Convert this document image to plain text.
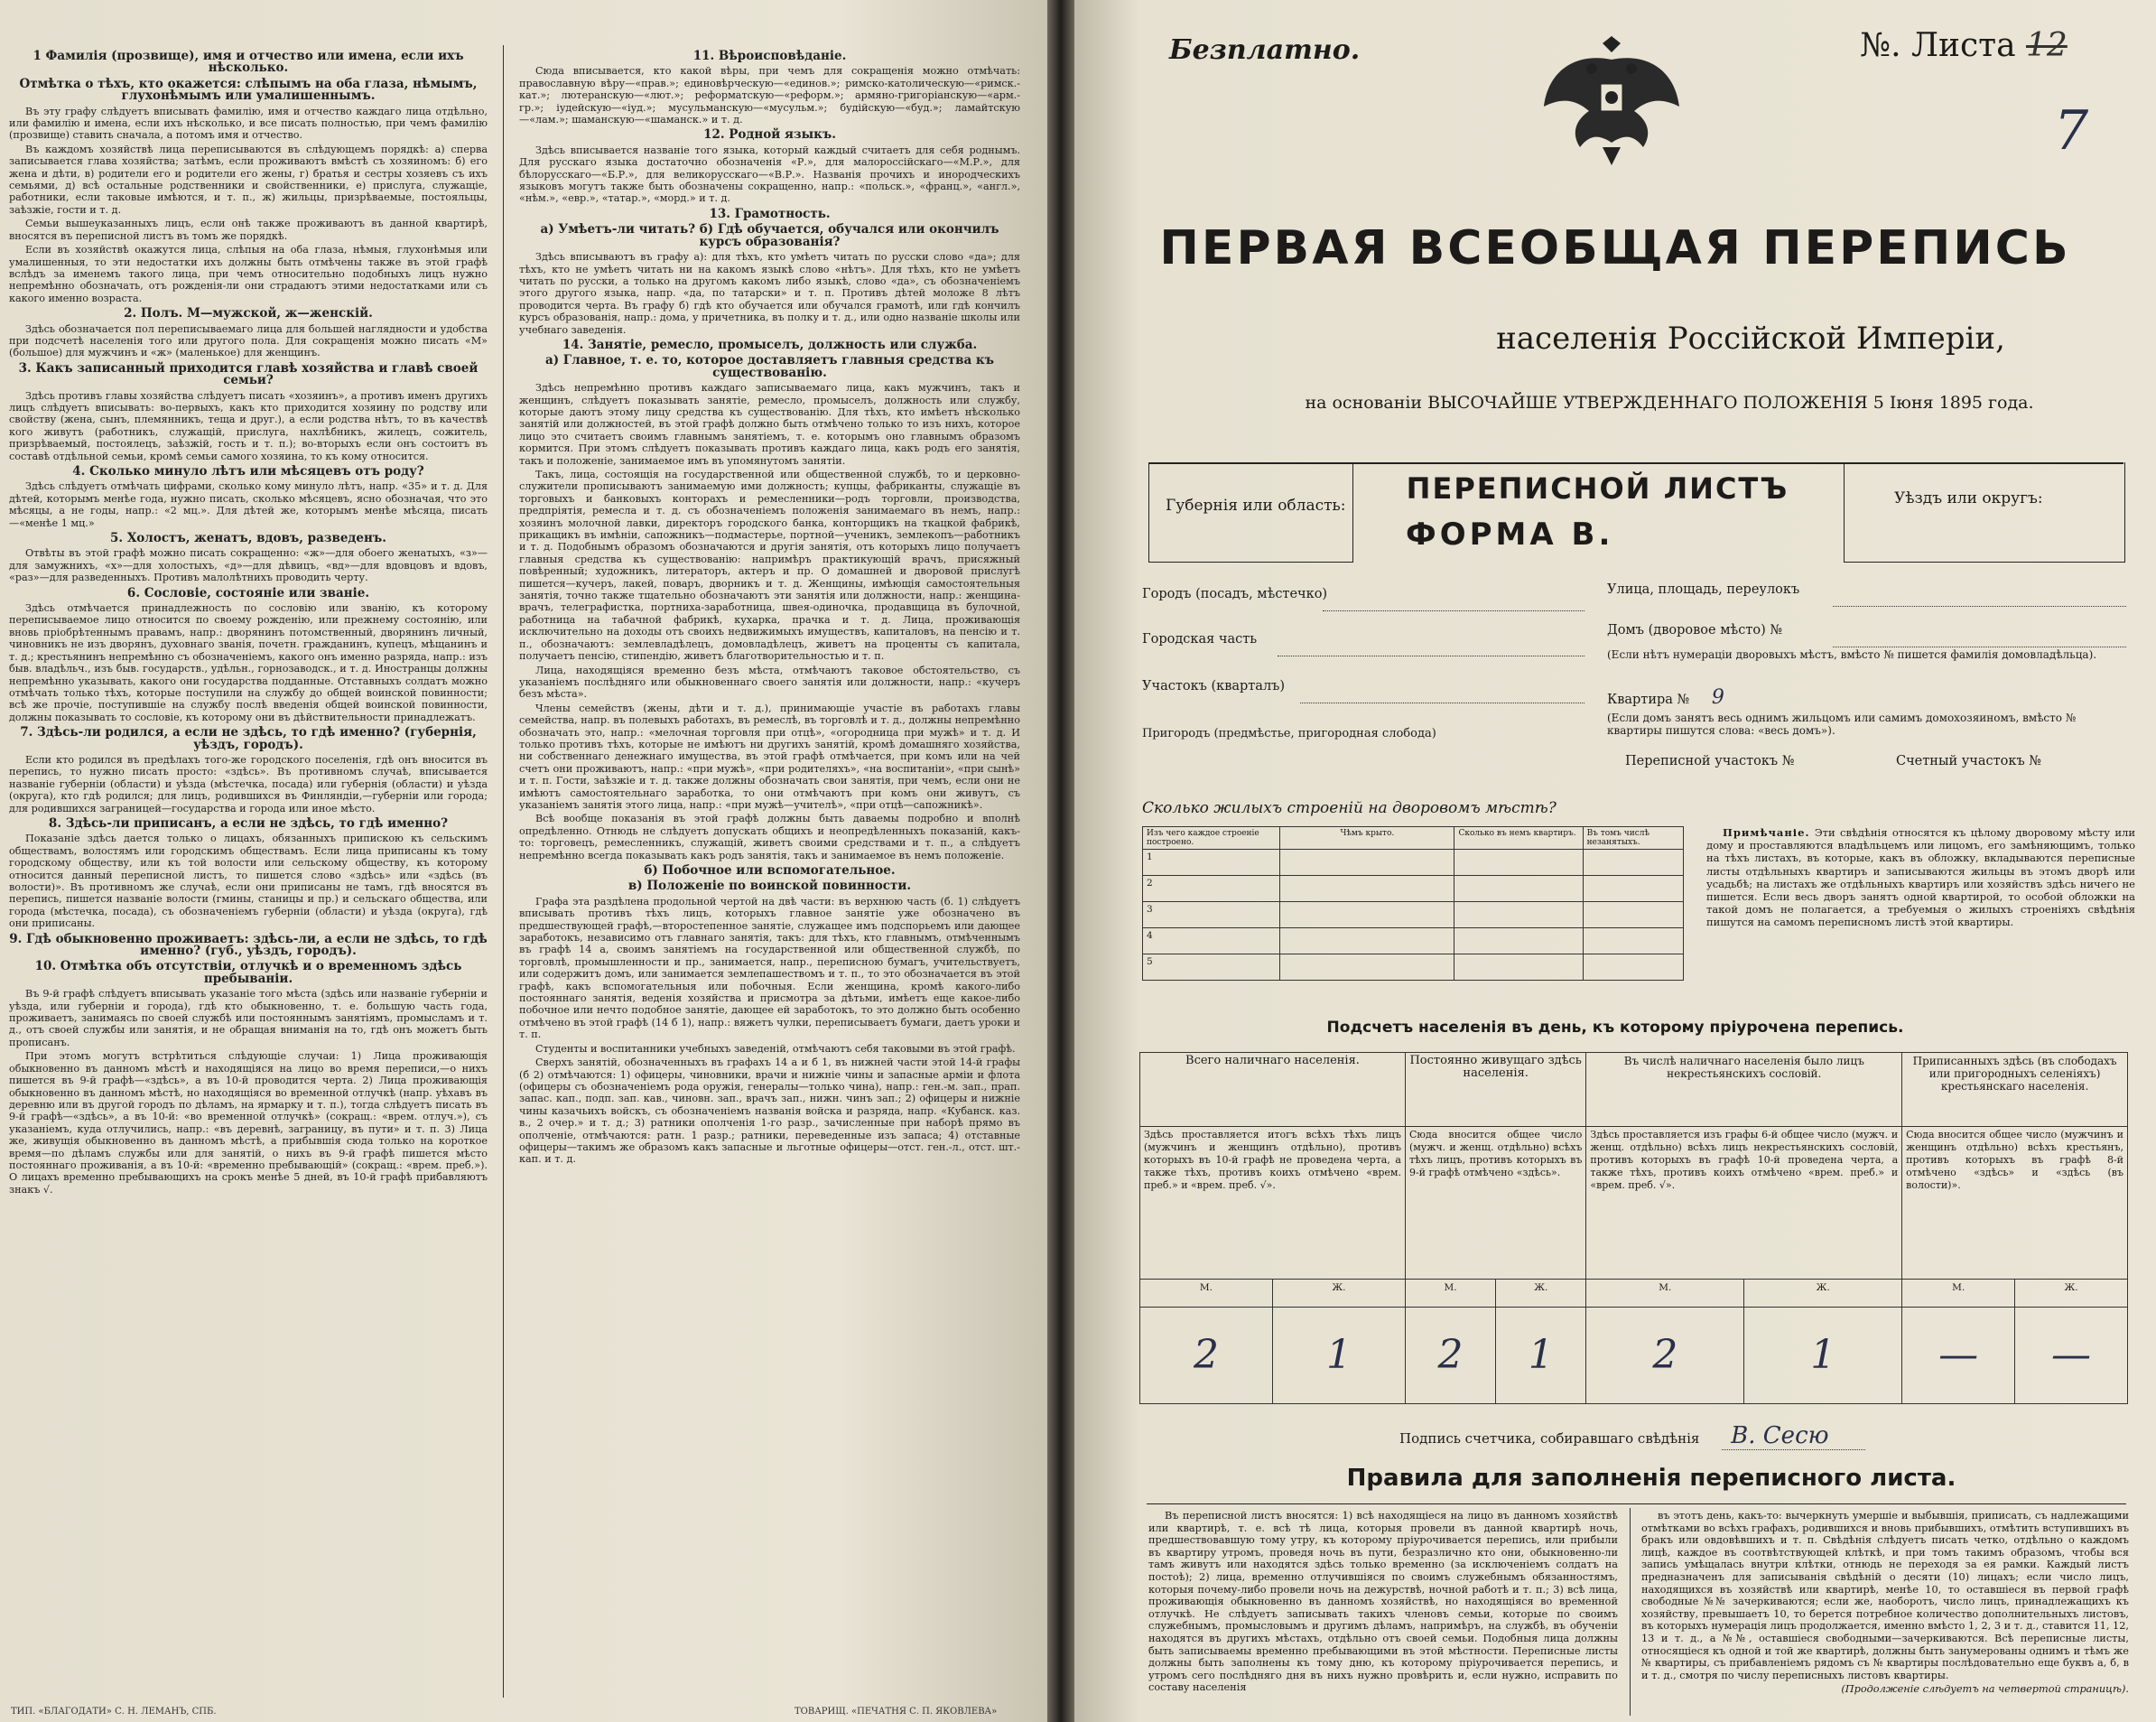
1 Фамилія (прозвище), имя и отчество или имена, если ихъ нѣсколько.
Отмѣтка о тѣхъ, кто окажется: слѣпымъ на оба глаза, нѣмымъ, глухонѣмымъ или умалишеннымъ.

Въ эту графу слѣдуетъ вписывать фамилію, имя и отчество каждаго лица отдѣльно, или фамилію и имена, если ихъ нѣсколько, и все писать полностью, при чемъ фамилію (прозвище) ставить сначала, а потомъ имя и отчество.

Въ каждомъ хозяйствѣ лица переписываются въ слѣдующемъ порядкѣ: а) сперва записывается глава хозяйства; затѣмъ, если проживаютъ вмѣстѣ съ хозяиномъ: б) его жена и дѣти, в) родители его и родители его жены, г) братья и сестры хозяевъ съ ихъ семьями, д) всѣ остальные родственники и свойственники, е) прислуга, служащіе, работники, если таковые имѣются, и т. п., ж) жильцы, призрѣваемые, постояльцы, заѣзжіе, гости и т. д.

Семьи вышеуказанныхъ лицъ, если онѣ также проживаютъ въ данной квартирѣ, вносятся въ переписной листъ въ томъ же порядкѣ.

Если въ хозяйствѣ окажутся лица, слѣпыя на оба глаза, нѣмыя, глухонѣмыя или умалишенныя, то эти недостатки ихъ должны быть отмѣчены также въ этой графѣ вслѣдъ за именемъ такого лица, при чемъ относительно подобныхъ лицъ нужно непремѣнно обозначать, отъ рожденія-ли они страдаютъ этими недостатками или съ какого именно возраста.

2. Полъ. М—мужской, ж—женскій.

Здѣсь обозначается пол переписываемаго лица для большей наглядности и удобства при подсчетѣ населенія того или другого пола. Для сокращенія можно писать «М» (большое) для мужчинъ и «ж» (маленькое) для женщинъ.

3. Какъ записанный приходится главѣ хозяйства и главѣ своей семьи?

Здѣсь противъ главы хозяйства слѣдуетъ писать «хозяинъ», а противъ именъ другихъ лицъ слѣдуетъ вписывать: во-первыхъ, какъ кто приходится хозяину по родству или свойству (жена, сынъ, племянникъ, теща и друг.), а если родства нѣтъ, то въ качествѣ кого живутъ (работникъ, служащій, прислуга, нахлѣбникъ, жилецъ, сожитель, призрѣваемый, постоялецъ, заѣзжій, гость и т. п.); во-вторыхъ если онъ состоитъ въ составѣ отдѣльной семьи, кромѣ семьи самого хозяина, то къ кому относится.

4. Сколько минуло лѣтъ или мѣсяцевъ отъ роду?

Здѣсь слѣдуетъ отмѣчать цифрами, сколько кому минуло лѣтъ, напр. «35» и т. д. Для дѣтей, которымъ менѣе года, нужно писать, сколько мѣсяцевъ, ясно обозначая, что это мѣсяцы, а не годы, напр.: «2 мц.». Для дѣтей же, которымъ менѣе мѣсяца, писать—«менѣе 1 мц.»

5. Холостъ, женатъ, вдовъ, разведенъ.

Отвѣты въ этой графѣ можно писать сокращенно: «ж»—для обоего женатыхъ, «з»—для замужнихъ, «х»—для холостыхъ, «д»—для дѣвицъ, «вд»—для вдовцовъ и вдовъ, «раз»—для разведенныхъ. Противъ малолѣтнихъ проводить черту.

6. Сословіе, состояніе или званіе.

Здѣсь отмѣчается принадлежность по сословію или званію, къ которому переписываемое лицо относится по своему рожденію, или прежнему состоянію, или вновь пріобрѣтеннымъ правамъ, напр.: дворянинъ потомственный, дворянинъ личный, чиновникъ не изъ дворянъ, духовнаго званія, почетн. гражданинъ, купецъ, мѣщанинъ и т. д.; крестьянинъ непремѣнно съ обозначеніемъ, какого онъ именно разряда, напр.: изъ быв. владѣльч., изъ быв. государств., удѣльн., горнозаводск., и т. д. Иностранцы должны непремѣнно указывать, какого они государства подданные. Отставныхъ солдатъ можно отмѣчать только тѣхъ, которые поступили на службу до общей воинской повинности; всѣ же прочіе, поступившіе на службу послѣ введенія общей воинской повинности, должны показывать то сословіе, къ которому они въ дѣйствительности принадлежатъ.

7. Здѣсь-ли родился, а если не здѣсь, то гдѣ именно? (губернія, уѣздъ, городъ).

Если кто родился въ предѣлахъ того-же городского поселенія, гдѣ онъ вносится въ перепись, то нужно писать просто: «здѣсь». Въ противномъ случаѣ, вписывается названіе губерніи (области) и уѣзда (мѣстечка, посада) или губернія (области) и уѣзда (округа), кто гдѣ родился; для лицъ, родившихся въ Финляндіи,—губерніи или города; для родившихся заграницей—государства и города или иное мѣсто.

8. Здѣсь-ли приписанъ, а если не здѣсь, то гдѣ именно?

Показаніе здѣсь дается только о лицахъ, обязанныхъ припискою къ сельскимъ обществамъ, волостямъ или городскимъ обществамъ. Если лица приписаны къ тому городскому обществу, или къ той волости или сельскому обществу, къ которому относится данный переписной листъ, то пишется слово «здѣсь» или «здѣсь (въ волости)». Въ противномъ же случаѣ, если они приписаны не тамъ, гдѣ вносятся въ перепись, пишется названіе волости (гмины, станицы и пр.) и сельскаго общества, или города (мѣстечка, посада), съ обозначеніемъ губерніи (области) и уѣзда (округа), гдѣ они приписаны.

9. Гдѣ обыкновенно проживаетъ: здѣсь-ли, а если не здѣсь, то гдѣ именно? (губ., уѣздъ, городъ).
10. Отмѣтка объ отсутствіи, отлучкѣ и о временномъ здѣсь пребываніи.

Въ 9-й графѣ слѣдуетъ вписывать указаніе того мѣста (здѣсь или названіе губерніи и уѣзда, или губерніи и города), гдѣ кто обыкновенно, т. е. большую часть года, проживаетъ, занимаясь по своей службѣ или постояннымъ занятіямъ, промысламъ и т. д., отъ своей службы или занятія, и не обращая вниманія на то, гдѣ онъ можетъ быть прописанъ.

При этомъ могутъ встрѣтиться слѣдующіе случаи: 1) Лица проживающія обыкновенно въ данномъ мѣстѣ и находящіяся на лицо во время переписи,—о нихъ пишется въ 9-й графѣ—«здѣсь», а въ 10-й проводится черта. 2) Лица проживающія обыкновенно въ данномъ мѣстѣ, но находящіяся во временной отлучкѣ (напр. уѣхавъ въ деревню или въ другой городъ по дѣламъ, на ярмарку и т. п.), тогда слѣдуетъ писать въ 9-й графѣ—«здѣсь», а въ 10-й: «во временной отлучкѣ» (сокращ.: «врем. отлуч.»), съ указаніемъ, куда отлучились, напр.: «въ деревнѣ, заграницу, въ пути» и т. п. 3) Лица же, живущія обыкновенно въ данномъ мѣстѣ, а прибывшія сюда только на короткое время—по дѣламъ службы или для занятій, о нихъ въ 9-й графѣ пишется мѣсто постояннаго проживанія, а въ 10-й: «временно пребывающій» (сокращ.: «врем. преб.»). О лицахъ временно пребывающихъ на срокъ менѣе 5 дней, въ 10-й графѣ прибавляютъ знакъ √.

11. Вѣроисповѣданіе.

Сюда вписывается, кто какой вѣры, при чемъ для сокращенія можно отмѣчать: православную вѣру—«прав.»; единовѣрческую—«единов.»; римско-католическую—«римск.-кат.»; лютеранскую—«лют.»; реформатскую—«реформ.»; армяно-григоріанскую—«арм.-гр.»; іудейскую—«іуд.»; мусульманскую—«мусульм.»; будійскую—«буд.»; ламайтскую—«лам.»; шаманскую—«шаманск.» и т. д.

12. Родной языкъ.

Здѣсь вписывается названіе того языка, который каждый считаетъ для себя роднымъ. Для русскаго языка достаточно обозначенія «Р.», для малороссійскаго—«М.Р.», для бѣлорусскаго—«Б.Р.», для великорусскаго—«В.Р.». Названія прочихъ и инородческихъ языковъ могутъ также быть обозначены сокращенно, напр.: «польск.», «франц.», «англ.», «нѣм.», «евр.», «татар.», «морд.» и т. д.

13. Грамотность.
а) Умѣетъ-ли читать? б) Гдѣ обучается, обучался или окончилъ курсъ образованія?

Здѣсь вписываютъ въ графу а): для тѣхъ, кто умѣетъ читать по русски слово «да»; для тѣхъ, кто не умѣетъ читать ни на какомъ языкѣ слово «нѣтъ». Для тѣхъ, кто не умѣетъ читать по русски, а только на другомъ какомъ либо языкѣ, слово «да», съ обозначеніемъ этого другого языка, напр. «да, по татарски» и т. п. Противъ дѣтей моложе 8 лѣтъ проводится черта. Въ графу б) гдѣ кто обучается или обучался грамотѣ, или гдѣ кончилъ курсъ образованія, напр.: дома, у причетника, въ полку и т. д., или одно названіе школы или учебнаго заведенія.

14. Занятіе, ремесло, промыселъ, должность или служба.
а) Главное, т. е. то, которое доставляетъ главныя средства къ существованію.

Здѣсь непремѣнно противъ каждаго записываемаго лица, какъ мужчинъ, такъ и женщинъ, слѣдуетъ показывать занятіе, ремесло, промыселъ, должность или службу, которые даютъ этому лицу средства къ существованію. Для тѣхъ, кто имѣетъ нѣсколько занятій или должностей, въ этой графѣ должно быть отмѣчено только то изъ нихъ, которое лицо это считаетъ своимъ главнымъ занятіемъ, т. е. которымъ оно главнымъ образомъ кормится. При этомъ слѣдуетъ показывать противъ каждаго лица, какъ родъ его занятія, такъ и положеніе, занимаемое имъ въ упомянутомъ занятіи.

Такъ, лица, состоящія на государственной или общественной службѣ, то и церковно-служители прописываютъ занимаемую ими должность; купцы, фабриканты, служащіе въ торговыхъ и банковыхъ конторахъ и ремесленники—родъ торговли, производства, предпріятія, ремесла и т. д. съ обозначеніемъ положенія занимаемаго въ немъ, напр.: хозяинъ молочной лавки, директоръ городского банка, конторщикъ на ткацкой фабрикѣ, прикащикъ въ имѣніи, сапожникъ—подмастерье, портной—ученикъ, землекопъ—работникъ и т. д. Подобнымъ образомъ обозначаются и другія занятія, отъ которыхъ лицо получаетъ главныя средства къ существованію: напримѣръ практикующій врачъ, присяжный повѣренный; художникъ, литераторъ, актеръ и пр. О домашней и дворовой прислугѣ пишется—кучеръ, лакей, поваръ, дворникъ и т. д. Женщины, имѣющія самостоятельныя занятія, точно также тщательно обозначаютъ эти занятія или должности, напр.: женщина-врачъ, телеграфистка, портниха-заработница, швея-одиночка, продавщица въ булочной, работница на табачной фабрикѣ, кухарка, прачка и т. д. Лица, проживающія исключительно на доходы отъ своихъ недвижимыхъ имуществъ, капиталовъ, на пенсію и т. п., обозначаютъ: землевладѣлецъ, домовладѣлецъ, живетъ на проценты съ капитала, получаетъ пенсію, стипендію, живетъ благотворительностью и т. п.

Лица, находящіяся временно безъ мѣста, отмѣчаютъ таковое обстоятельство, съ указаніемъ послѣдняго или обыкновеннаго своего занятія или должности, напр.: «кучеръ безъ мѣста».

Члены семействъ (жены, дѣти и т. д.), принимающіе участіе въ работахъ главы семейства, напр. въ полевыхъ работахъ, въ ремеслѣ, въ торговлѣ и т. д., должны непремѣнно обозначать это, напр.: «мелочная торговля при отцѣ», «огородница при мужѣ» и т. д. И только противъ тѣхъ, которые не имѣютъ ни другихъ занятій, кромѣ домашняго хозяйства, ни собственнаго денежнаго имущества, въ этой графѣ отмѣчается, при комъ или на чей счетъ они проживаютъ, напр.: «при мужѣ», «при родителяхъ», «на воспитаніи», «при сынѣ» и т. п. Гости, заѣзжіе и т. д. также должны обозначать свои занятія, при чемъ, если они не имѣютъ самостоятельнаго заработка, то они отмѣчаютъ при комъ они живутъ, съ указаніемъ занятія этого лица, напр.: «при мужѣ—учителѣ», «при отцѣ—сапожникѣ».

Всѣ вообще показанія въ этой графѣ должны быть даваемы подробно и вполнѣ опредѣленно. Отнюдь не слѣдуетъ допускать общихъ и неопредѣленныхъ показаній, какъ-то: торговецъ, ремесленникъ, служащій, живетъ своими средствами и т. п., а слѣдуетъ непремѣнно всегда показывать какъ родъ занятія, такъ и занимаемое въ немъ положеніе.

б) Побочное или вспомогательное.
в) Положеніе по воинской повинности.

Графа эта раздѣлена продольной чертой на двѣ части: въ верхнюю часть (б. 1) слѣдуетъ вписывать противъ тѣхъ лицъ, которыхъ главное занятіе уже обозначено въ предшествующей графѣ,—второстепенное занятіе, служащее имъ подспорьемъ или дающее заработокъ, независимо отъ главнаго занятія, такъ: для тѣхъ, кто главнымъ, отмѣченнымъ въ графѣ 14 а, своимъ занятіемъ на государственной или общественной службѣ, по торговлѣ, промышленности и пр., занимается, напр., переписною бумагъ, учительствуетъ, или содержитъ домъ, или занимается землепашествомъ и т. п., то это обозначается въ этой графѣ, какъ вспомогательныя или побочныя. Если женщина, кромѣ какого-либо постояннаго занятія, веденія хозяйства и присмотра за дѣтьми, имѣетъ еще какое-либо побочное или нечто подобное занятіе, дающее ей заработокъ, то это должно быть особенно отмѣчено въ этой графѣ (14 б 1), напр.: вяжетъ чулки, переписываетъ бумаги, даетъ уроки и т. п.

Студенты и воспитанники учебныхъ заведеній, отмѣчаютъ себя таковыми въ этой графѣ.

Сверхъ занятій, обозначенныхъ въ графахъ 14 а и б 1, въ нижней части этой 14-й графы (б 2) отмѣчаются: 1) офицеры, чиновники, врачи и нижніе чины и запасные армiи и флота (офицеры съ обозначеніемъ рода оружія, генералы—только чина), напр.: ген.-м. зап., прап. запас. кап., подп. зап. кав., чиновн. зап., врачъ зап., нижн. чинъ зап.; 2) офицеры и нижніе чины казачьихъ войскъ, съ обозначеніемъ названія войска и разряда, напр. «Кубанск. каз. в., 2 очер.» и т. д.; 3) ратники ополченія 1-го разр., зачисленные при наборѣ прямо въ ополченіе, отмѣчаются: ратн. 1 разр.; ратники, переведенные изъ запаса; 4) отставные офицеры—такимъ же образомъ какъ запасные и льготные офицеры—отст. ген.-л., отст. шт.-кап. и т. д.

ТИП. «БЛАГОДАТИ» С. Н. ЛЕМАНЪ, СПБ.	ТОВАРИЩ. «ПЕЧАТНЯ С. П. ЯКОВЛЕВА»
Безплатно.	№. Листа 12
7
ПЕРВАЯ ВСЕОБЩАЯ ПЕРЕПИСЬ
населенія Россійской Имперіи,
на основаніи ВЫСОЧАЙШЕ УТВЕРЖДЕННАГО ПОЛОЖЕНІЯ 5 Іюня 1895 года.
Губернія или область:	ПЕРЕПИСНОЙ ЛИСТЪ
ФОРМА В.
Уѣздъ или округъ:
Городъ (посадъ, мѣстечко)
Городская часть
Участокъ (кварталъ)
Пригородъ (предмѣстье, пригородная слобода)
Улица, площадь, переулокъ
Домъ (дворовое мѣсто) №
(Если нѣтъ нумераціи дворовыхъ мѣстъ, вмѣсто № пишется фамилія домовладѣльца).
Квартира № 9
(Если домъ занятъ весь однимъ жильцомъ или самимъ домохозяиномъ, вмѣсто № квартиры пишутся слова: «весь домъ»).
Переписной участокъ №	Счетный участокъ №
Сколько жилыхъ строеній на дворовомъ мѣстѣ?
Изъ чего каждое строеніе построено.	Чѣмъ крыто.	Сколько въ немъ квартиръ.	Въ томъ числѣ незанятыхъ.
1			
2			
3			
4			
5			
Примѣчаніе. Эти свѣдѣнія относятся къ цѣлому дворовому мѣсту или дому и проставляются владѣльцемъ или лицомъ, его замѣняющимъ, только на тѣхъ листахъ, въ которые, какъ въ обложку, вкладываются переписные листы отдѣльныхъ квартиръ и записываются жильцы въ этомъ дворѣ или усадьбѣ; на листахъ же отдѣльныхъ квартиръ или хозяйствъ здѣсь ничего не пишется. Если весь дворъ занятъ одной квартирой, то особой обложки на такой домъ не полагается, а требуемыя о жилыхъ строеніяхъ свѣдѣнія пишутся на самомъ переписномъ листѣ этой квартиры.
Подсчетъ населенія въ день, къ которому пріурочена перепись.
Всего наличнаго населенія.		Постоянно живущаго здѣсь населенія.		Въ числѣ наличнаго населенія было лицъ некрестьянскихъ сословій.		Приписанныхъ здѣсь (въ слободахъ или пригородныхъ селеніяхъ) крестьянскаго населенія.	
Здѣсь проставляется итогъ всѣхъ тѣхъ лицъ (мужчинъ и женщинъ отдѣльно), противъ которыхъ въ 10-й графѣ не проведена черта, а также тѣхъ, противъ коихъ отмѣчено «врем. преб.» и «врем. преб. √».		Сюда вносится общее число (мужч. и женщ. отдѣльно) всѣхъ тѣхъ лицъ, противъ которыхъ въ 9-й графѣ отмѣчено «здѣсь».		Здѣсь проставляется изъ графы 6-й общее число (мужч. и женщ. отдѣльно) всѣхъ лицъ некрестьянскихъ сословій, противъ которыхъ въ графѣ 10-й проведена черта, а также тѣхъ, противъ коихъ отмѣчено «врем. преб.» и «врем. преб. √».		Сюда вносится общее число (мужчинъ и женщинъ отдѣльно) всѣхъ крестьянъ, противъ которыхъ въ графѣ 8-й отмѣчено «здѣсь» и «здѣсь (въ волости)».	
М.	Ж.	М.	Ж.	М.	Ж.	М.	Ж.
2	1	2	1	2	1	—	—
Подпись счетчика, собиравшаго свѣдѣнія В. Сесю
Правила для заполненія переписного листа.

Въ переписной листъ вносятся: 1) всѣ находящіеся на лицо въ данномъ хозяйствѣ или квартирѣ, т. е. всѣ тѣ лица, которыя провели въ данной квартирѣ ночь, предшествовавшую тому утру, къ которому пріурочивается перепись, или прибыли въ квартиру утромъ, проведя ночь въ пути, безразлично кто они, обыкновенно-ли тамъ живутъ или находятся здѣсь только временно (за исключеніемъ солдатъ на постоѣ); 2) лица, временно отлучившіяся по своимъ служебнымъ обязанностямъ, которыя почему-либо провели ночь на дежурствѣ, ночной работѣ и т. п.; 3) всѣ лица, проживающія обыкновенно въ данномъ хозяйствѣ, но находящіяся во временной отлучкѣ. Не слѣдуетъ записывать такихъ членовъ семьи, которые по своимъ служебнымъ, промысловымъ и другимъ дѣламъ, напримѣръ, на службѣ, въ обученіи находятся въ другихъ мѣстахъ, отдѣльно отъ своей семьи. Подобныя лица должны быть записываемы временно пребывающими въ этой мѣстности. Переписные листы должны быть заполнены къ тому дню, къ которому пріурочивается перепись, и утромъ сего послѣдняго дня въ нихъ нужно провѣрить и, если нужно, исправить по составу населенія

въ этотъ день, какъ-то: вычеркнуть умершіе и выбывшія, приписать, съ надлежащими отмѣтками во всѣхъ графахъ, родившихся и вновь прибывшихъ, отмѣтить вступившихъ въ бракъ или овдовѣвшихъ и т. п. Свѣдѣнія слѣдуетъ писать четко, отдѣльно о каждомъ лицѣ, каждое въ соотвѣтствующей клѣткѣ, и при томъ такимъ образомъ, чтобы вся запись умѣщалась внутри клѣтки, отнюдь не переходя за ея рамки. Каждый листъ предназначенъ для записыванія свѣдѣній о десяти (10) лицахъ; если число лицъ, находящихся въ хозяйствѣ или квартирѣ, менѣе 10, то оставшіеся въ первой графѣ свободные №№ зачеркиваются; если же, наоборотъ, число лицъ, принадлежащихъ къ хозяйству, превышаетъ 10, то берется потребное количество дополнительныхъ листовъ, въ которыхъ нумерація лицъ продолжается, именно вмѣсто 1, 2, 3 и т. д., ставится 11, 12, 13 и т. д., а №№, оставшіеся свободными—зачеркиваются. Всѣ переписные листы, относящіеся къ одной и той же квартирѣ, должны быть занумерованы однимъ и тѣмъ же № квартиры, съ прибавленіемъ рядомъ съ № квартиры послѣдовательно еще буквъ а, б, в и т. д., смотря по числу переписныхъ листовъ квартиры.

(Продолженіе слѣдуетъ на четвертой страницѣ).
